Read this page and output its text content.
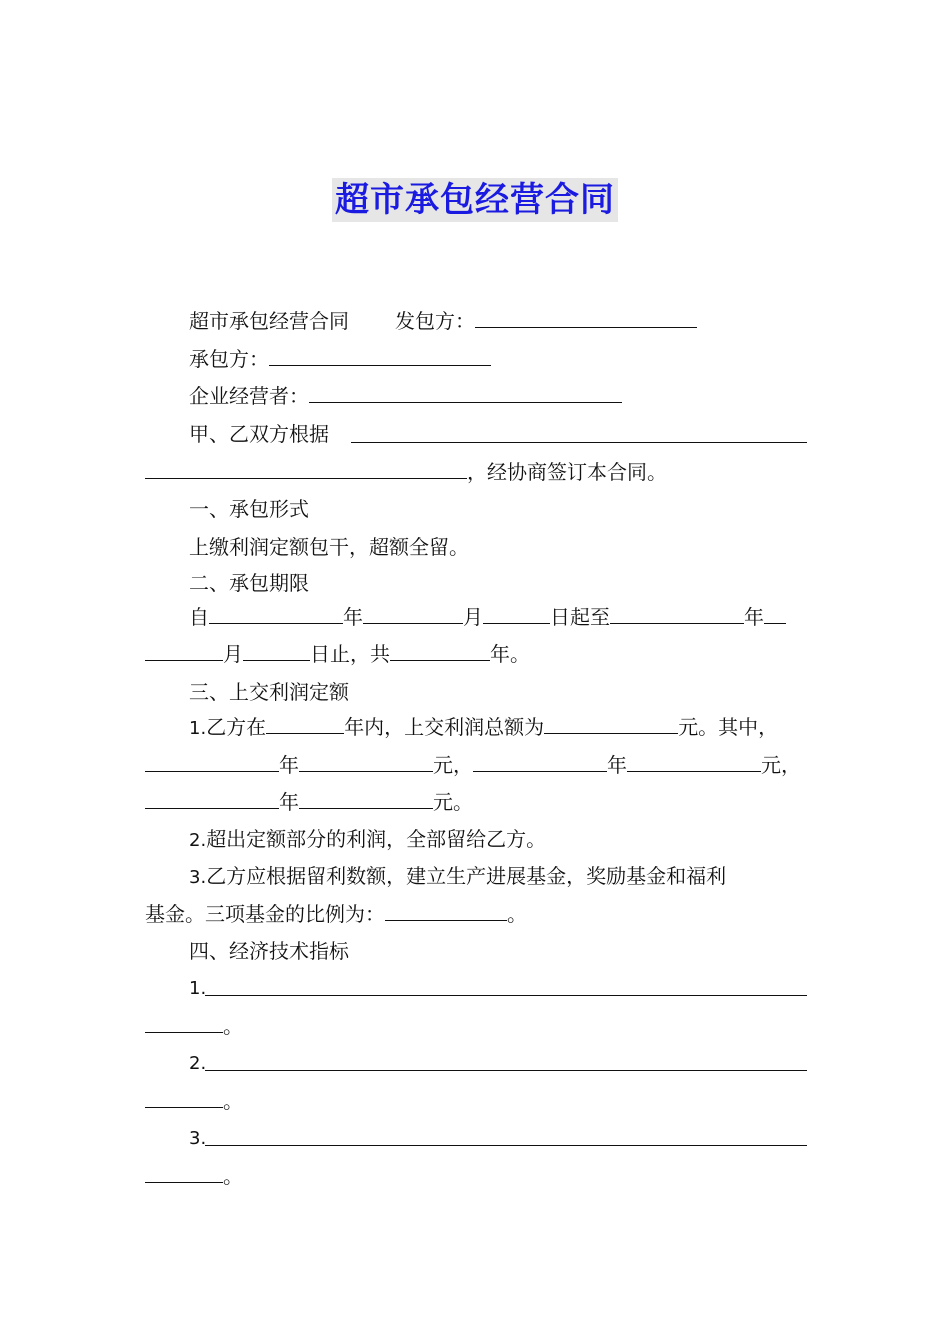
超市承包经营合同
超市承包经营合同 发包方：
承包方：
企业经营者：
甲、乙双方根据
，经协商签订本合同。
一、承包形式
上缴利润定额包干，超额全留。
二、承包期限
自	年	月	日起至	年
月	日止，共	年。
三、上交利润定额
1.乙方在	年内，上交利润总额为	元。其中，
年	元，	年	元，
年	元。
2.超出定额部分的利润，全部留给乙方。
3.乙方应根据留利数额，建立生产进展基金，奖励基金和福利
基金。三项基金的比例为：	。
四、经济技术指标
1.
。
2.
。
3.
。
